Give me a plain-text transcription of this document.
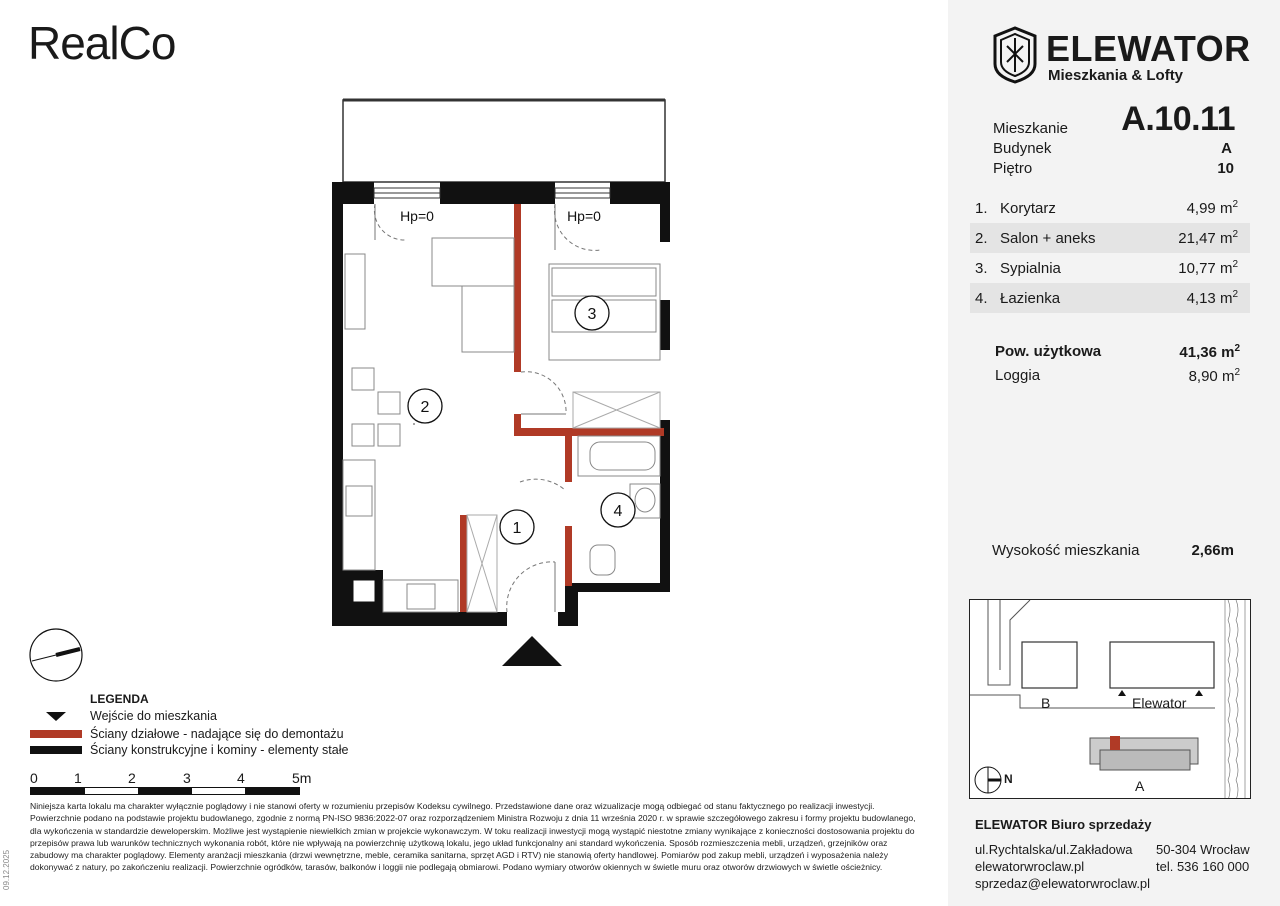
RealCo
1
2
3
4
Hp=0	Hp=0
LEGENDA
Wejście do mieszkania
Ściany działowe - nadające się do demontażu
Ściany konstrukcyjne i kominy - elementy stałe
0	1	2	3	4	5m
Niniejsza karta lokalu ma charakter wyłącznie poglądowy i nie stanowi oferty w rozumieniu przepisów Kodeksu cywilnego. Przedstawione dane oraz wizualizacje mogą odbiegać od stanu faktycznego po realizacji inwestycji. Powierzchnie podano na podstawie projektu budowlanego, zgodnie z normą PN-ISO 9836:2022-07 oraz rozporządzeniem Ministra Rozwoju z dnia 11 września 2020 r. w sprawie szczegółowego zakresu i formy projektu budowlanego, dla wykończenia w standardzie deweloperskim. Możliwe jest wystąpienie niewielkich zmian w projekcie wykonawczym. W toku realizacji inwestycji mogą wystąpić niestotne zmiany wynikające z konieczności dostosowania projektu do przepisów prawa lub warunków technicznych wykonania robót, które nie wpływają na powierzchnię użytkową lokalu, jego układ funkcjonalny ani standard wykończenia. Sposób rozmieszczenia mebli, urządzeń, grzejników oraz zabudowy ma charakter poglądowy. Elementy aranżacji mieszkania (drzwi wewnętrzne, meble, ceramika sanitarna, sprzęt AGD i RTV) nie stanowią oferty handlowej. Pomiarów pod zakup mebli, urządzeń i wyposażenia należy dokonywać z natury, po zakończeniu realizacji. Powierzchnie ogródków, tarasów, balkonów i loggii nie podlegają obmiarowi. Podano wymiary otworów okiennych w świetle muru oraz otworów drzwiowych w świetle ościeżnicy.
09.12.2025
ELEWATOR
Mieszkania & Lofty
Mieszkanie	A.10.11
Budynek	A
Piętro	10
1. Korytarz	4,99 $m^2$
2. Salon + aneks	21,47 $m^2$
3. Sypialnia	10,77 $m^2$
4. Łazienka	4,13 $m^2$
Pow. użytkowa	41,36 $m^2$
Loggia	8,90 $m^2$
Wysokość mieszkania	2,66m
B	Elewator
A
N
ELEWATOR Biuro sprzedaży
ul.Rychtalska/ul.Zakładowa 50-304 Wrocław
elewatorwroclaw.pl	tel. 536 160 000
sprzedaz@elewatorwroclaw.pl
